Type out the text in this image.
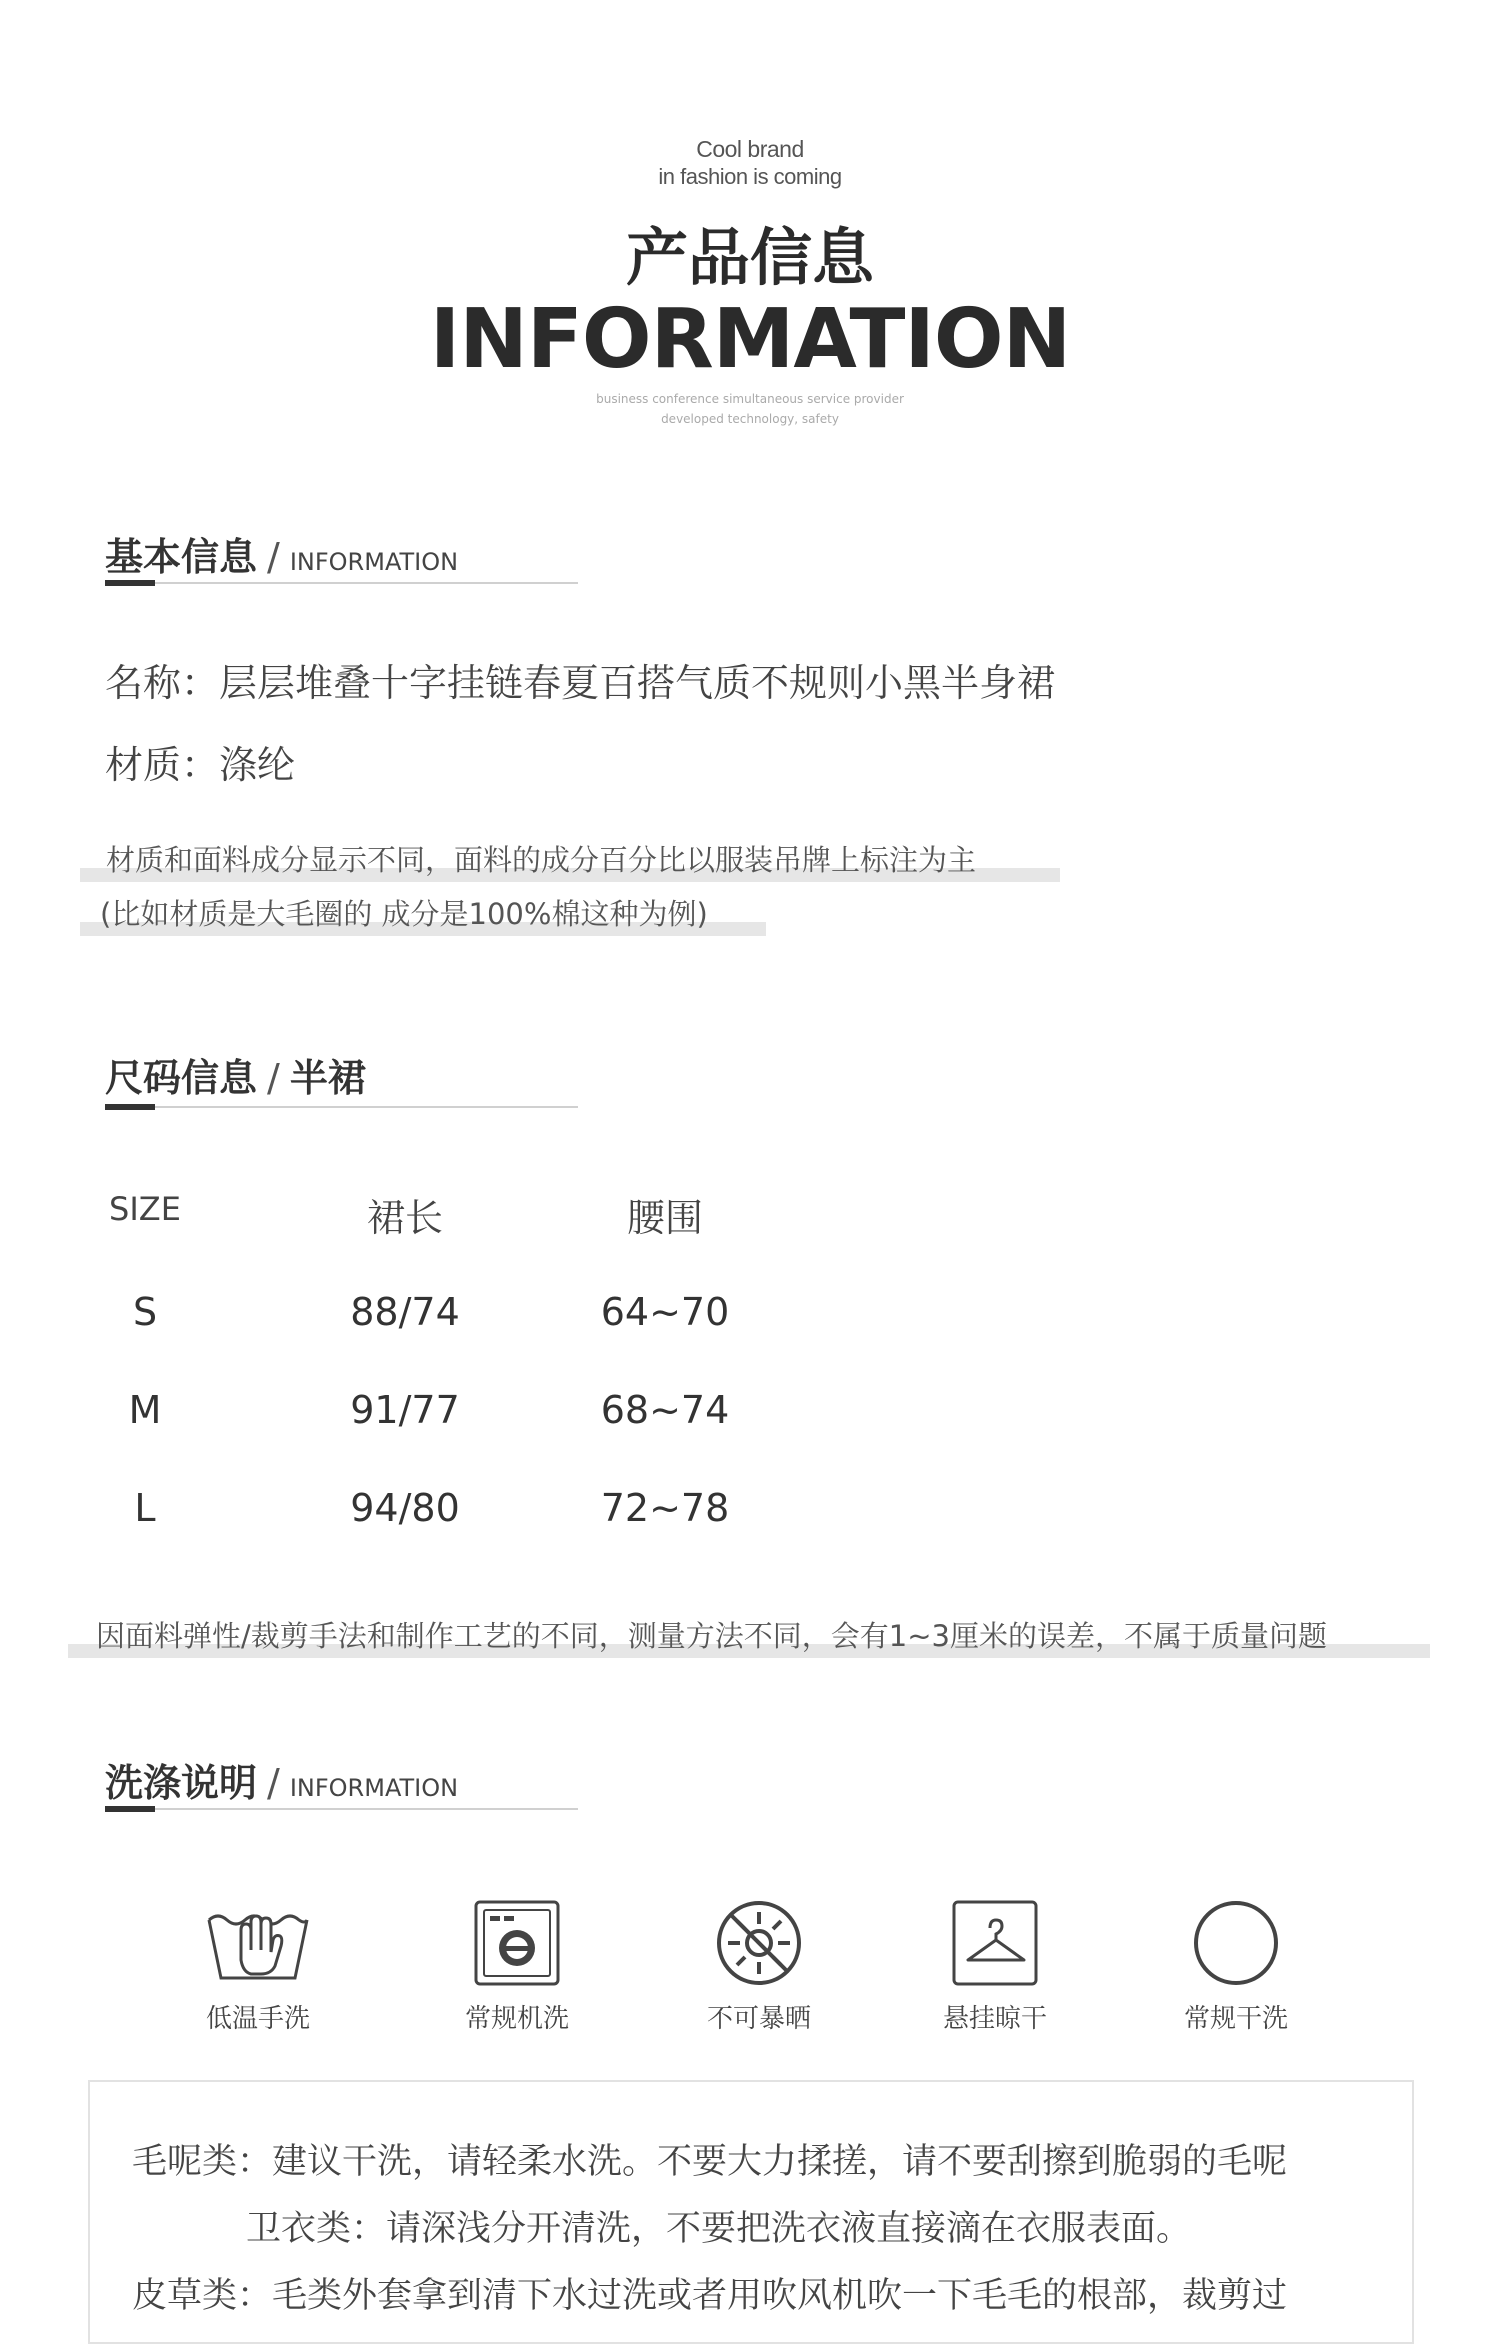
Cool brand
in fashion is coming
产品信息
INFORMATION
business conference simultaneous service provider
developed technology, safety
基本信息 / INFORMATION
名称：层层堆叠十字挂链春夏百搭气质不规则小黑半身裙
材质：涤纶
材质和面料成分显示不同，面料的成分百分比以服装吊牌上标注为主
(比如材质是大毛圈的 成分是100%棉这种为例)
尺码信息 / 半裙
SIZE	裙长	腰围
S	88/74	64~70
M	91/77	68~74
L	94/80	72~78
因面料弹性/裁剪手法和制作工艺的不同，测量方法不同，会有1~3厘米的误差，不属于质量问题
洗涤说明 / INFORMATION
低温手洗	常规机洗	不可暴晒	悬挂晾干	常规干洗
毛呢类：建议干洗，请轻柔水洗。不要大力揉搓，请不要刮擦到脆弱的毛呢
卫衣类：请深浅分开清洗，不要把洗衣液直接滴在衣服表面。
皮草类：毛类外套拿到清下水过洗或者用吹风机吹一下毛毛的根部，裁剪过
